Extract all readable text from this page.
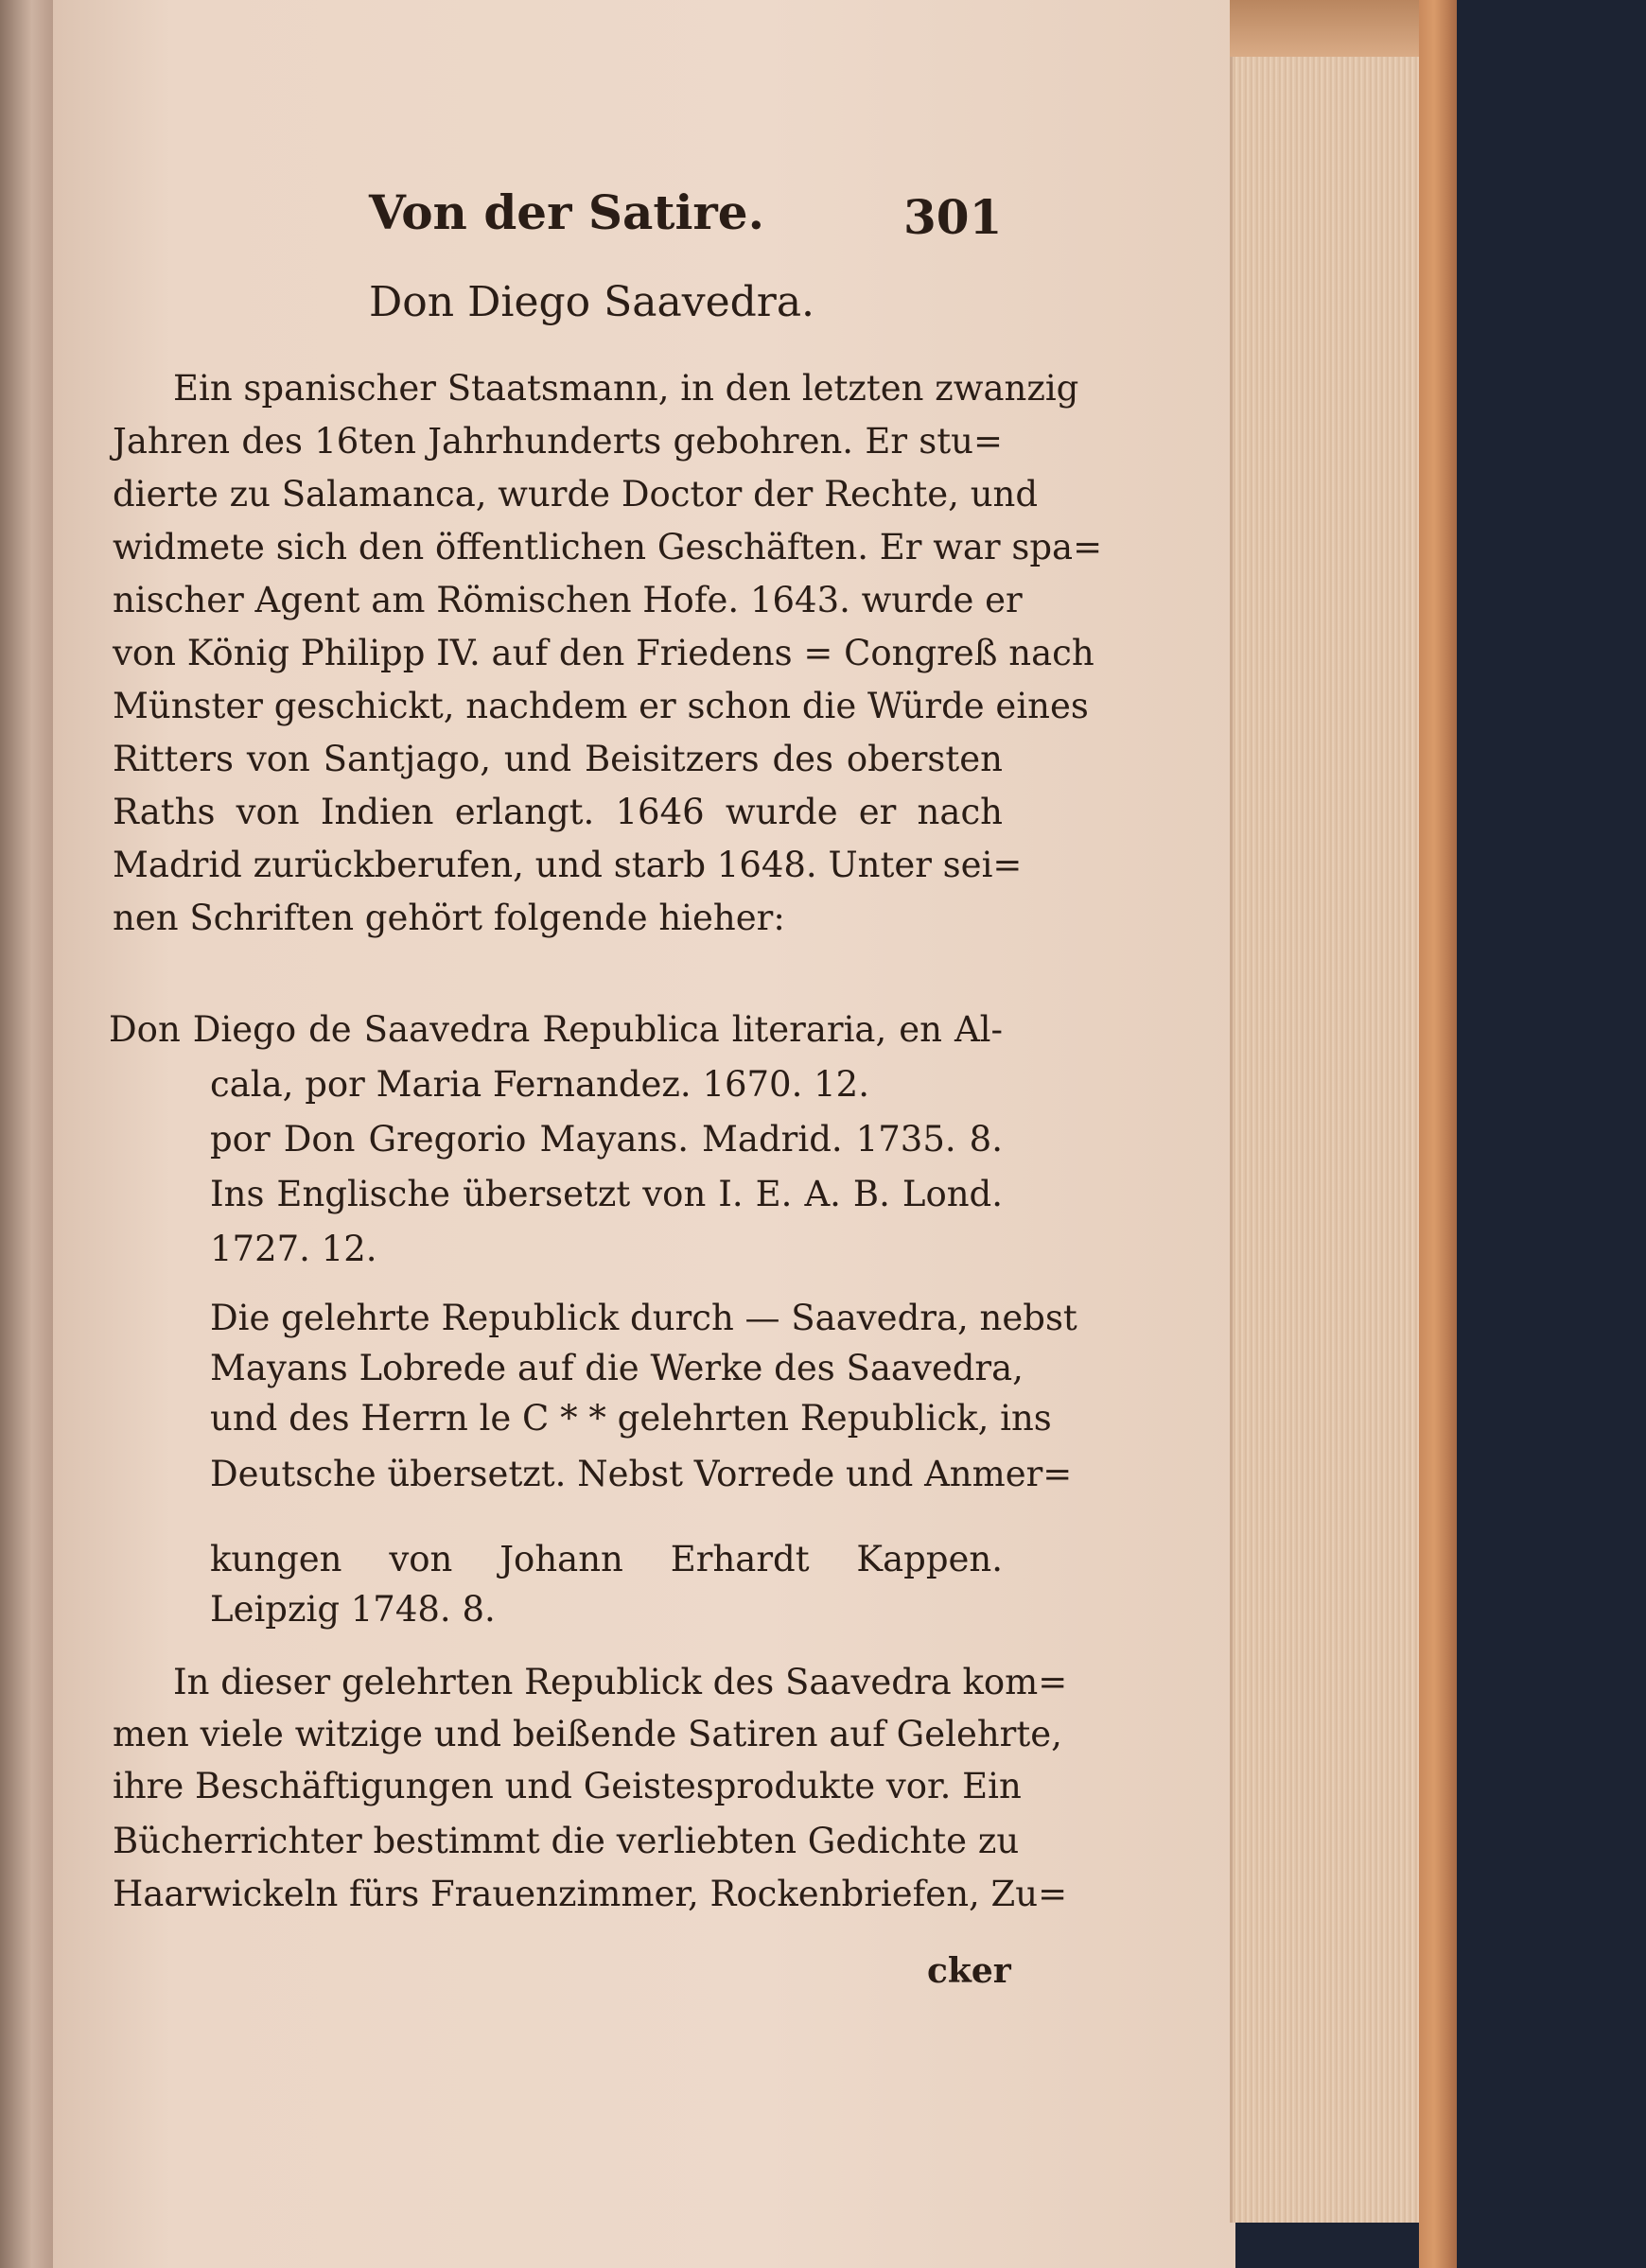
Von der Satire.	301
Don Diego Saavedra.
Ein spanischer Staatsmann, in den letzten zwanzig
Jahren des 16ten Jahrhunderts gebohren. Er stu=
dierte zu Salamanca, wurde Doctor der Rechte, und
widmete sich den öffentlichen Geschäften. Er war spa=
nischer Agent am Römischen Hofe. 1643. wurde er
von König Philipp IV. auf den Friedens = Congreß nach
Münster geschickt, nachdem er schon die Würde eines
Ritters von Santjago, und Beisitzers des obersten
Raths von Indien erlangt. 1646 wurde er nach
Madrid zurückberufen, und starb 1648. Unter sei=
nen Schriften gehört folgende hieher:
Don Diego de Saavedra Republica literaria, en Al-
cala, por Maria Fernandez. 1670. 12.
por Don Gregorio Mayans. Madrid. 1735. 8.
Ins Englische übersetzt von I. E. A. B. Lond.
1727. 12.
Die gelehrte Republick durch — Saavedra, nebst
Mayans Lobrede auf die Werke des Saavedra,
und des Herrn le C * * gelehrten Republick, ins
Deutsche übersetzt. Nebst Vorrede und Anmer=
kungen von Johann Erhardt Kappen.
Leipzig 1748. 8.
In dieser gelehrten Republick des Saavedra kom=
men viele witzige und beißende Satiren auf Gelehrte,
ihre Beschäftigungen und Geistesprodukte vor. Ein
Bücherrichter bestimmt die verliebten Gedichte zu
Haarwickeln fürs Frauenzimmer, Rockenbriefen, Zu=
cker
